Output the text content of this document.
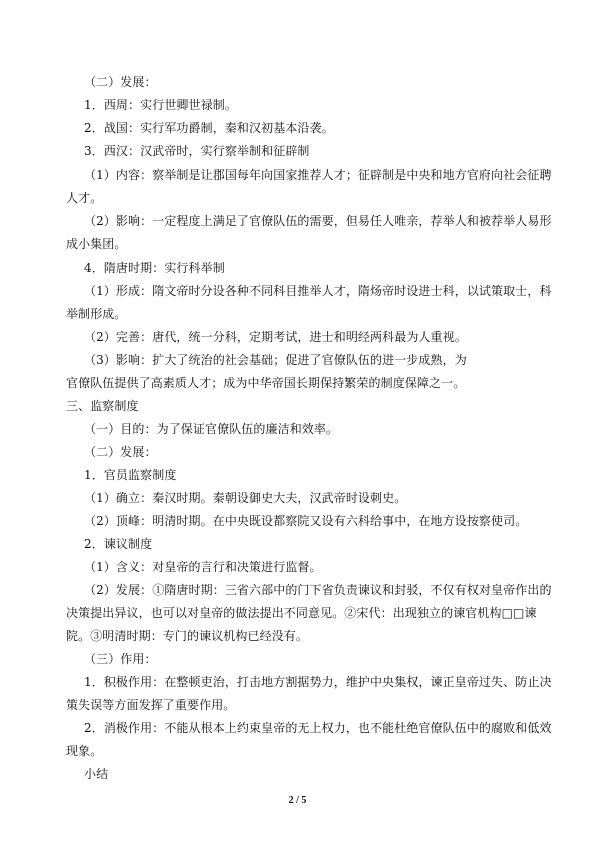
（二）发展：
1．西周：实行世卿世禄制。
2．战国：实行军功爵制，秦和汉初基本沿袭。
3．西汉：汉武帝时，实行察举制和征辟制
（1）内容：察举制是让郡国每年向国家推荐人才；征辟制是中央和地方官府向社会征聘
人才。
（2）影响：一定程度上满足了官僚队伍的需要，但易任人唯亲，荐举人和被荐举人易形
成小集团。
4．隋唐时期：实行科举制
（1）形成：隋文帝时分设各种不同科目推举人才，隋炀帝时设进士科，以试策取士，科
举制形成。
（2）完善：唐代，统一分科，定期考试，进士和明经两科最为人重视。
（3）影响：扩大了统治的社会基础；促进了官僚队伍的进一步成熟，为
官僚队伍提供了高素质人才；成为中华帝国长期保持繁荣的制度保障之一。
三、监察制度
（一）目的：为了保证官僚队伍的廉洁和效率。
（二）发展：
1．官员监察制度
（1）确立：秦汉时期。秦朝设御史大夫，汉武帝时设刺史。
（2）顶峰：明清时期。在中央既设都察院又设有六科给事中，在地方设按察使司。
2．谏议制度
（1）含义：对皇帝的言行和决策进行监督。
（2）发展：①隋唐时期：三省六部中的门下省负责谏议和封驳，不仅有权对皇帝作出的
决策提出异议，也可以对皇帝的做法提出不同意见。②宋代：出现独立的谏官机构□□谏
院。③明清时期：专门的谏议机构已经没有。
（三）作用：
1．积极作用：在整顿吏治，打击地方割据势力，维护中央集权，谏正皇帝过失、防止决
策失误等方面发挥了重要作用。
2．消极作用：不能从根本上约束皇帝的无上权力，也不能杜绝官僚队伍中的腐败和低效
现象。
2 / 5
小结
